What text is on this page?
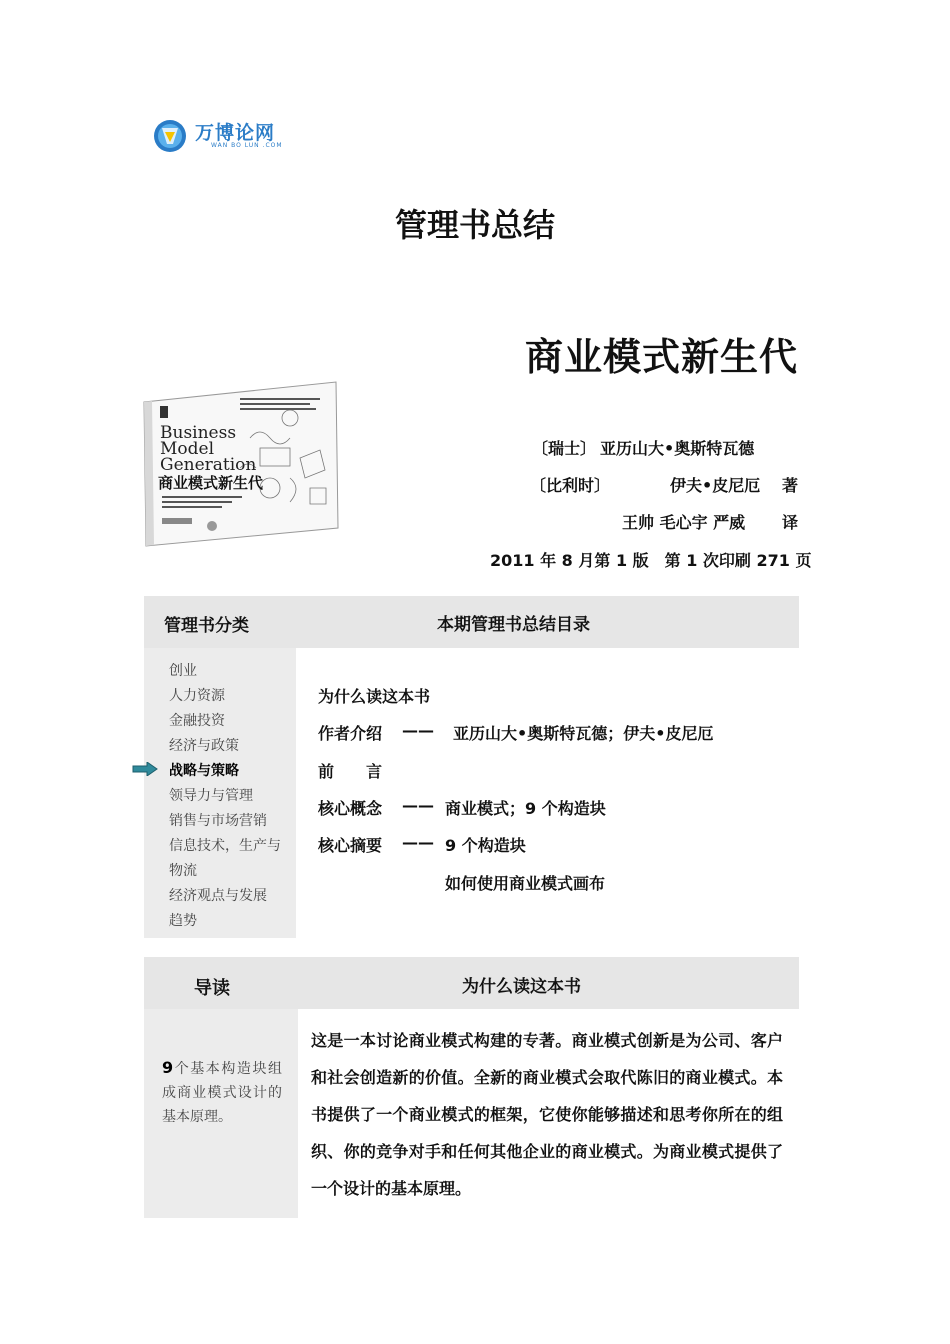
万博论网
WAN BO LUN .COM
管理书总结
商业模式新生代
Business
Model
Generation
商业模式新生代
〔瑞士〕 亚历山大•奥斯特瓦德
〔比利时〕	伊夫•皮尼厄 著
王帅 毛心宇 严威 译
2011 年 8 月第 1 版　第 1 次印刷 271 页
管理书分类	本期管理书总结目录
创业
人力资源
金融投资
经济与政策
战略与策略
领导力与管理
销售与市场营销
信息技术，生产与
物流
经济观点与发展
趋势
为什么读这本书
作者介绍 —— 亚历山大•奥斯特瓦德；伊夫•皮尼厄
前　　言
核心概念 —— 商业模式；9 个构造块
核心摘要 —— 9 个构造块
如何使用商业模式画布
导读	为什么读这本书
9个基本构造块组成商业模式设计的基本原理。
这是一本讨论商业模式构建的专著。商业模式创新是为公司、客户和社会创造新的价值。全新的商业模式会取代陈旧的商业模式。本书提供了一个商业模式的框架，它使你能够描述和思考你所在的组织、你的竞争对手和任何其他企业的商业模式。为商业模式提供了一个设计的基本原理。
